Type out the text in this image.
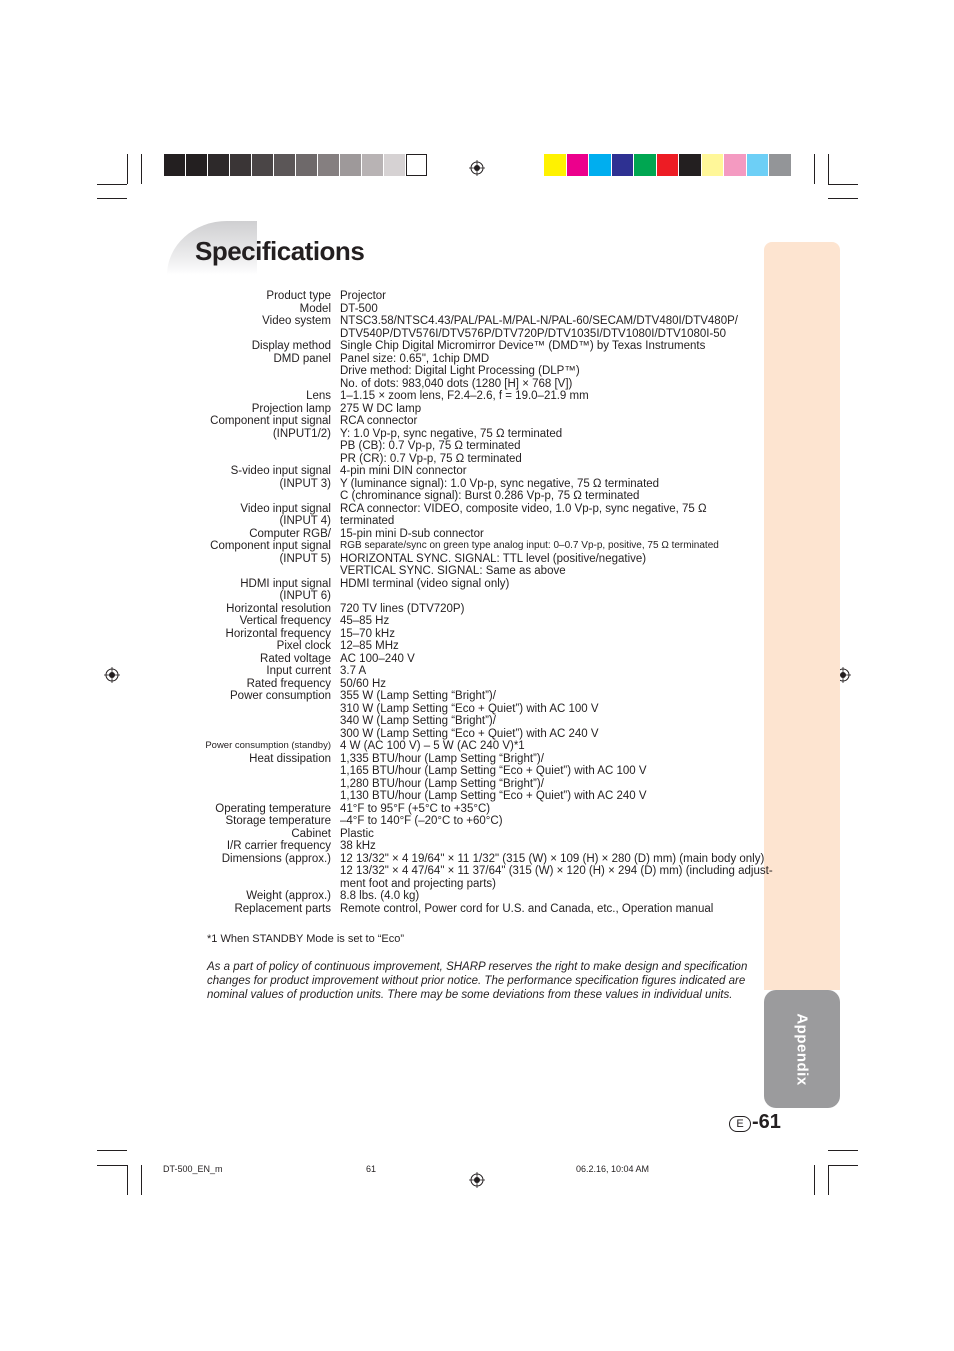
Specifications
Appendix
Product type Projector
Model DT-500
Video system NTSC3.58/NTSC4.43/PAL/PAL-M/PAL-N/PAL-60/SECAM/DTV480I/DTV480P/
DTV540P/DTV576I/DTV576P/DTV720P/DTV1035I/DTV1080I/DTV1080I-50
Display method Single Chip Digital Micromirror Device™ (DMD™) by Texas Instruments
DMD panel Panel size: 0.65", 1chip DMD
Drive method: Digital Light Processing (DLP™)
No. of dots: 983,040 dots (1280 [H] × 768 [V])
Lens 1–1.15 × zoom lens, F2.4–2.6, f = 19.0–21.9 mm
Projection lamp 275 W DC lamp
Component input signal RCA connector
(INPUT1/2) Y: 1.0 Vp-p, sync negative, 75 Ω terminated
PB (CB): 0.7 Vp-p, 75 Ω terminated
PR (CR): 0.7 Vp-p, 75 Ω terminated
S-video input signal 4-pin mini DIN connector
(INPUT 3) Y (luminance signal): 1.0 Vp-p, sync negative, 75 Ω terminated
C (chrominance signal): Burst 0.286 Vp-p, 75 Ω terminated
Video input signal RCA connector: VIDEO, composite video, 1.0 Vp-p, sync negative, 75 Ω
(INPUT 4) terminated
Computer RGB/ 15-pin mini D-sub connector
Component input signal RGB separate/sync on green type analog input: 0–0.7 Vp-p, positive, 75 Ω terminated
(INPUT 5) HORIZONTAL SYNC. SIGNAL: TTL level (positive/negative)
VERTICAL SYNC. SIGNAL: Same as above
HDMI input signal HDMI terminal (video signal only)
(INPUT 6)
Horizontal resolution 720 TV lines (DTV720P)
Vertical frequency 45–85 Hz
Horizontal frequency 15–70 kHz
Pixel clock 12–85 MHz
Rated voltage AC 100–240 V
Input current 3.7 A
Rated frequency 50/60 Hz
Power consumption 355 W (Lamp Setting “Bright”)/
310 W (Lamp Setting “Eco + Quiet”) with AC 100 V
340 W (Lamp Setting “Bright”)/
300 W (Lamp Setting “Eco + Quiet”) with AC 240 V
Power consumption (standby) 4 W (AC 100 V) – 5 W (AC 240 V)*1
Heat dissipation 1,335 BTU/hour (Lamp Setting “Bright”)/
1,165 BTU/hour (Lamp Setting “Eco + Quiet”) with AC 100 V
1,280 BTU/hour (Lamp Setting “Bright”)/
1,130 BTU/hour (Lamp Setting “Eco + Quiet”) with AC 240 V
Operating temperature 41°F to 95°F (+5°C to +35°C)
Storage temperature –4°F to 140°F (–20°C to +60°C)
Cabinet Plastic
I/R carrier frequency 38 kHz
Dimensions (approx.) 12 13/32" × 4 19/64" × 11 1/32" (315 (W) × 109 (H) × 280 (D) mm) (main body only)
12 13/32" × 4 47/64" × 11 37/64" (315 (W) × 120 (H) × 294 (D) mm) (including adjust-
ment foot and projecting parts)
Weight (approx.) 8.8 lbs. (4.0 kg)
Replacement parts Remote control, Power cord for U.S. and Canada, etc., Operation manual
*1 When STANDBY Mode is set to “Eco”
As a part of policy of continuous improvement, SHARP reserves the right to make design and specification changes for product improvement without prior notice. The performance specification figures indicated are nominal values of production units. There may be some deviations from these values in individual units.
E -61
DT-500_EN_m	61	06.2.16, 10:04 AM
